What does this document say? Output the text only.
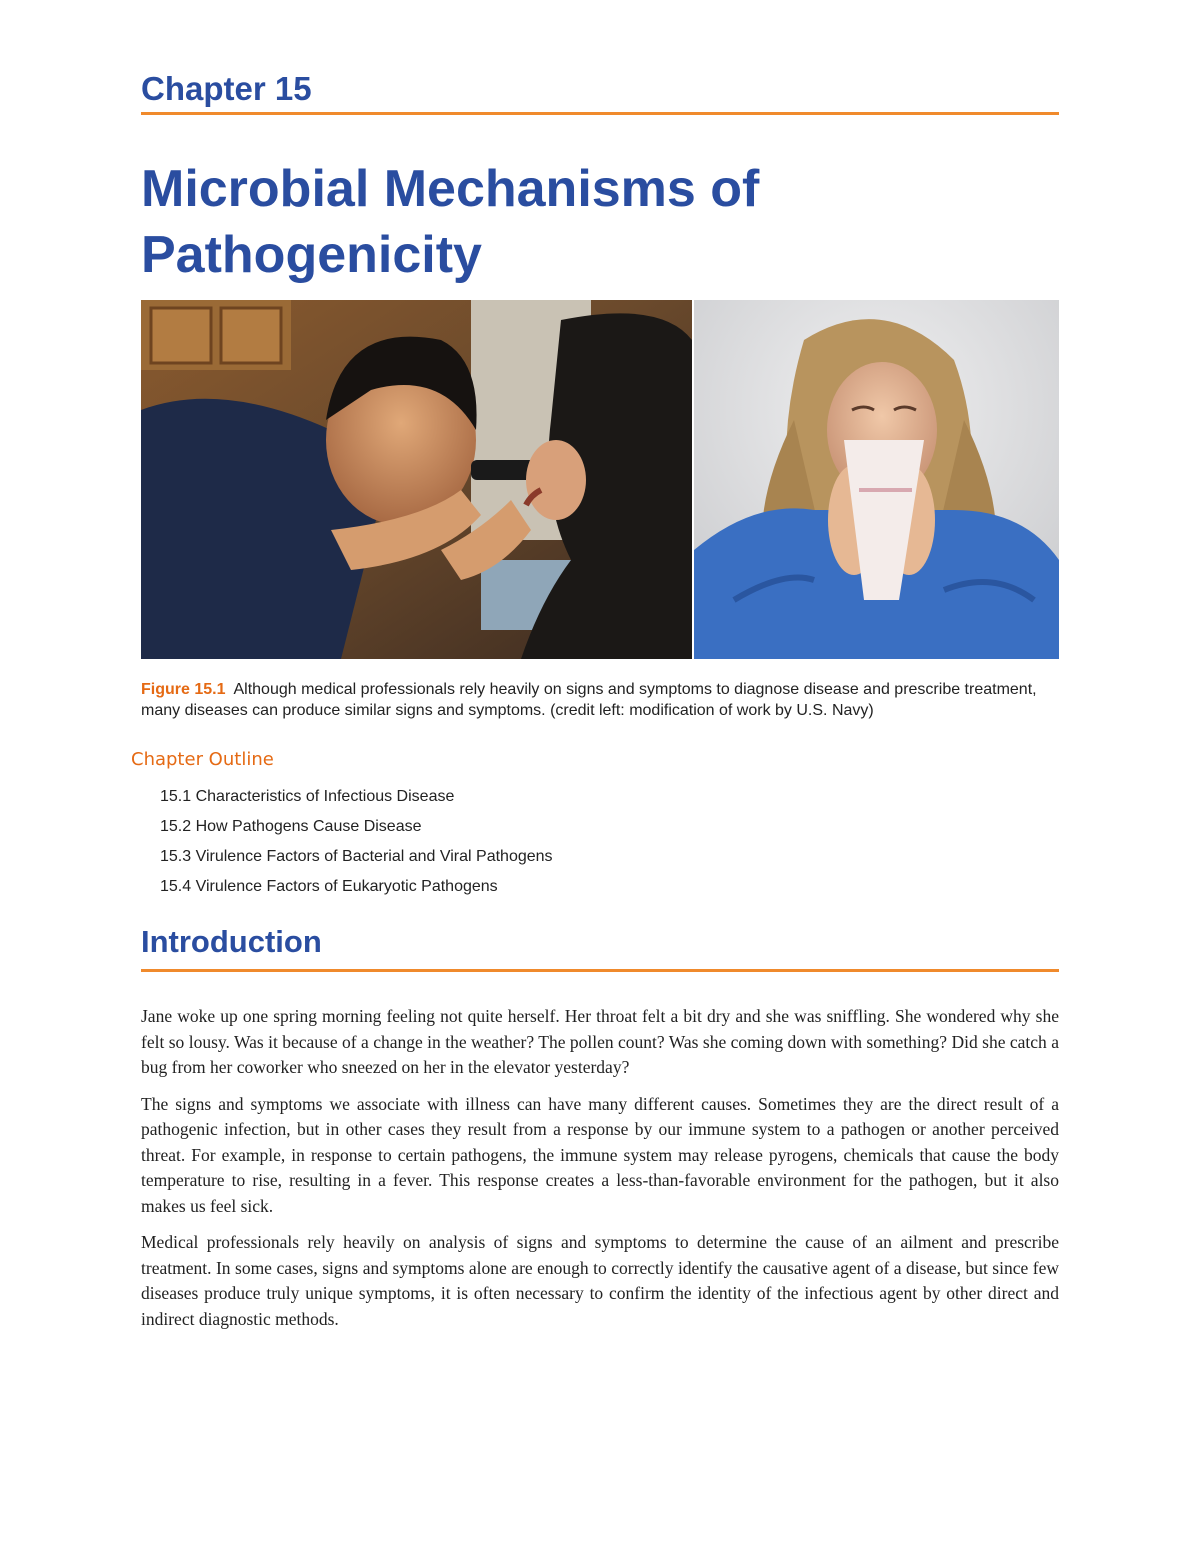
Chapter 15
Microbial Mechanisms of Pathogenicity
Figure 15.1 Although medical professionals rely heavily on signs and symptoms to diagnose disease and prescribe treatment, many diseases can produce similar signs and symptoms. (credit left: modification of work by U.S. Navy)
Chapter Outline
15.1 Characteristics of Infectious Disease
15.2 How Pathogens Cause Disease
15.3 Virulence Factors of Bacterial and Viral Pathogens
15.4 Virulence Factors of Eukaryotic Pathogens
Introduction

Jane woke up one spring morning feeling not quite herself. Her throat felt a bit dry and she was sniffling. She wondered why she felt so lousy. Was it because of a change in the weather? The pollen count? Was she coming down with something? Did she catch a bug from her coworker who sneezed on her in the elevator yesterday?

The signs and symptoms we associate with illness can have many different causes. Sometimes they are the direct result of a pathogenic infection, but in other cases they result from a response by our immune system to a pathogen or another perceived threat. For example, in response to certain pathogens, the immune system may release pyrogens, chemicals that cause the body temperature to rise, resulting in a fever. This response creates a less-than-favorable environment for the pathogen, but it also makes us feel sick.

Medical professionals rely heavily on analysis of signs and symptoms to determine the cause of an ailment and prescribe treatment. In some cases, signs and symptoms alone are enough to correctly identify the causative agent of a disease, but since few diseases produce truly unique symptoms, it is often necessary to confirm the identity of the infectious agent by other direct and indirect diagnostic methods.
